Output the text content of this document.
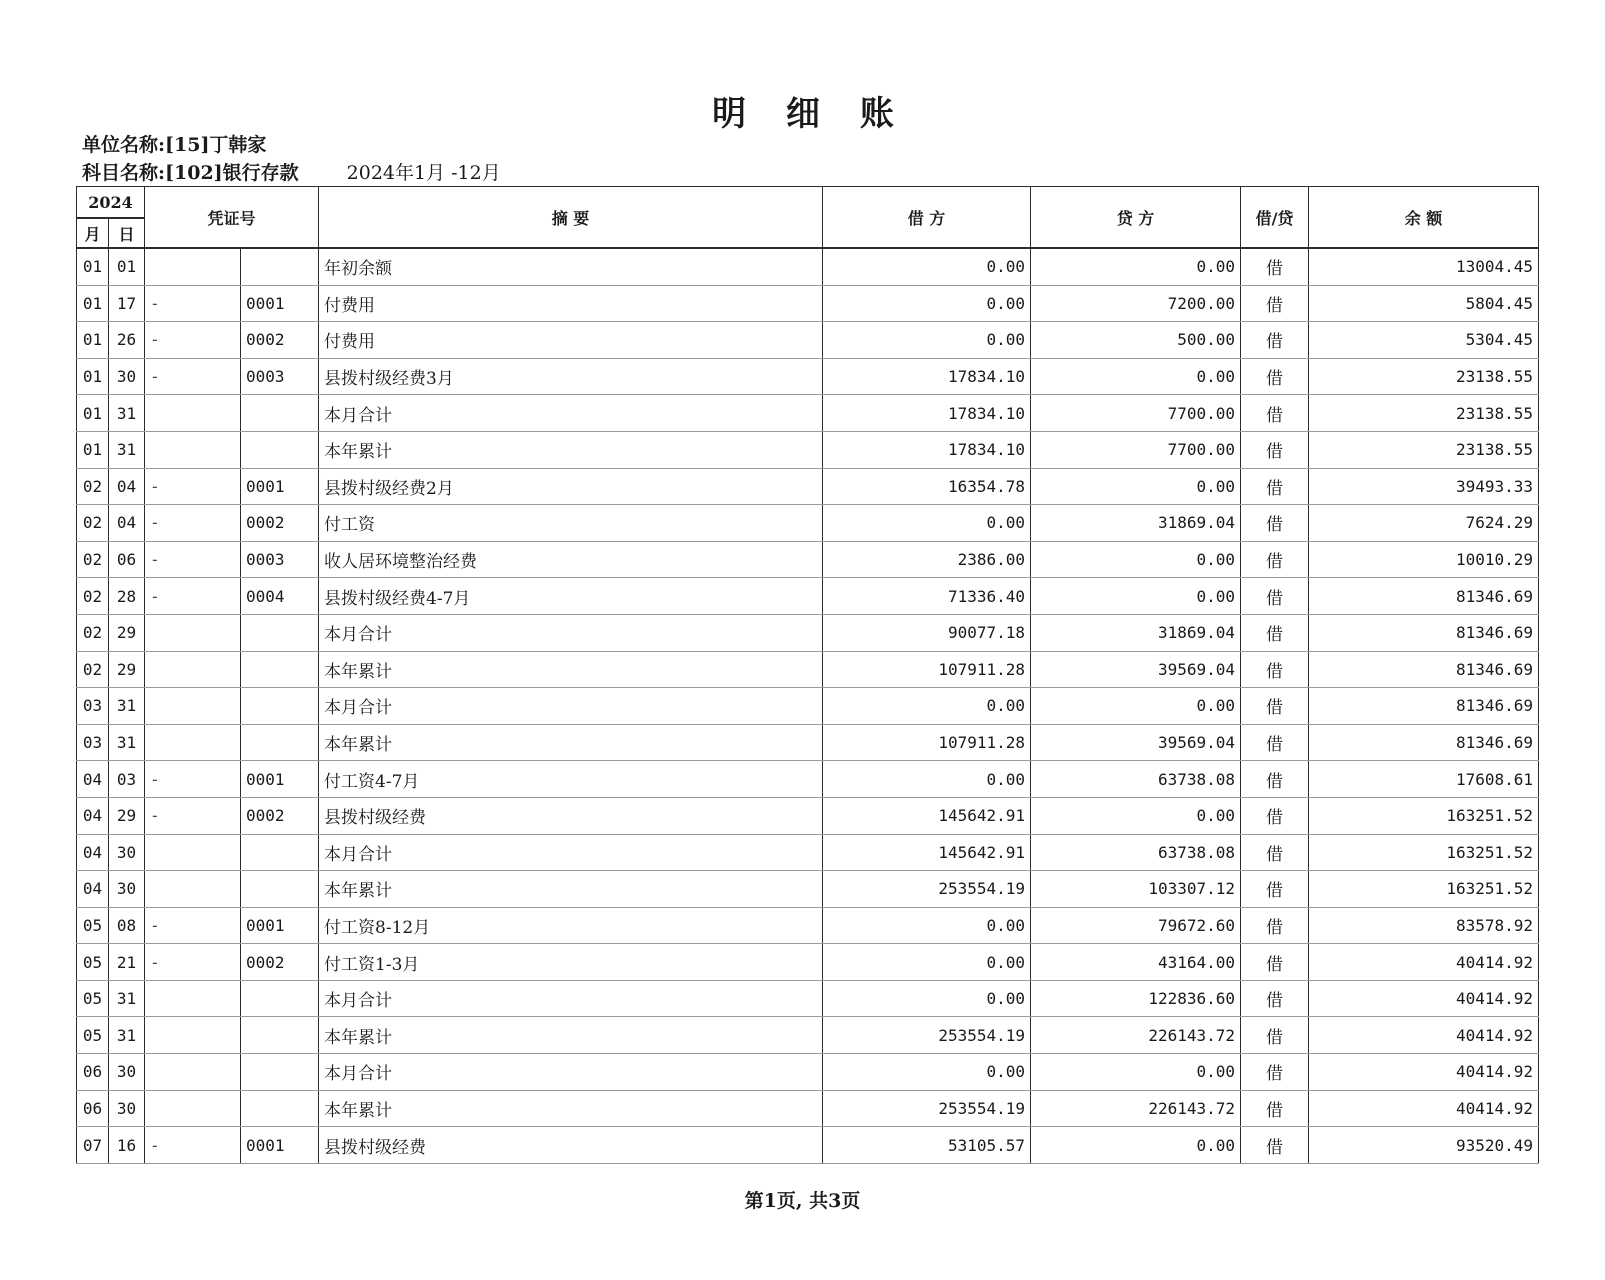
明 细 账
单位名称:[15]丁韩家
科目名称:[102]银行存款	2024年1月 -12月
2024		凭证号		摘 要	借 方	贷 方	借/贷	余 额
月	日							
01	01			年初余额	0.00	0.00	借	13004.45
01	17	-	0001	付费用	0.00	7200.00	借	5804.45
01	26	-	0002	付费用	0.00	500.00	借	5304.45
01	30	-	0003	县拨村级经费3月	17834.10	0.00	借	23138.55
01	31			本月合计	17834.10	7700.00	借	23138.55
01	31			本年累计	17834.10	7700.00	借	23138.55
02	04	-	0001	县拨村级经费2月	16354.78	0.00	借	39493.33
02	04	-	0002	付工资	0.00	31869.04	借	7624.29
02	06	-	0003	收人居环境整治经费	2386.00	0.00	借	10010.29
02	28	-	0004	县拨村级经费4-7月	71336.40	0.00	借	81346.69
02	29			本月合计	90077.18	31869.04	借	81346.69
02	29			本年累计	107911.28	39569.04	借	81346.69
03	31			本月合计	0.00	0.00	借	81346.69
03	31			本年累计	107911.28	39569.04	借	81346.69
04	03	-	0001	付工资4-7月	0.00	63738.08	借	17608.61
04	29	-	0002	县拨村级经费	145642.91	0.00	借	163251.52
04	30			本月合计	145642.91	63738.08	借	163251.52
04	30			本年累计	253554.19	103307.12	借	163251.52
05	08	-	0001	付工资8-12月	0.00	79672.60	借	83578.92
05	21	-	0002	付工资1-3月	0.00	43164.00	借	40414.92
05	31			本月合计	0.00	122836.60	借	40414.92
05	31			本年累计	253554.19	226143.72	借	40414.92
06	30			本月合计	0.00	0.00	借	40414.92
06	30			本年累计	253554.19	226143.72	借	40414.92
07	16	-	0001	县拨村级经费	53105.57	0.00	借	93520.49
第1页, 共3页
